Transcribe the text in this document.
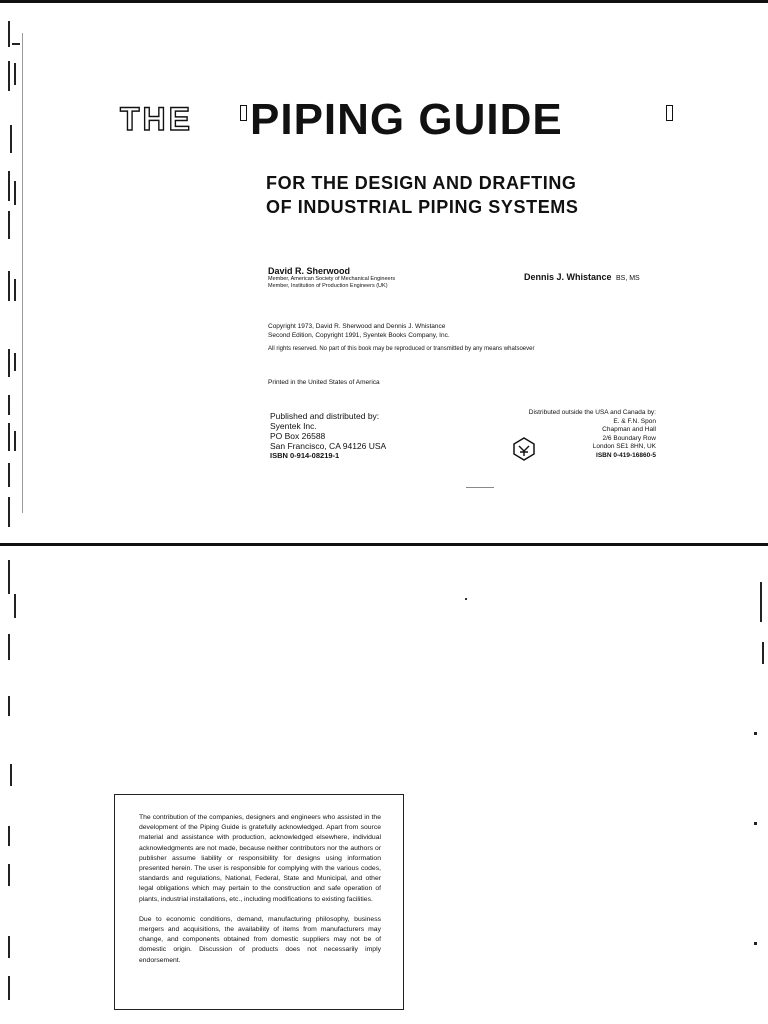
THE PIPING GUIDE
FOR THE DESIGN AND DRAFTING
OF INDUSTRIAL PIPING SYSTEMS
David R. Sherwood
Member, American Society of Mechanical Engineers
Member, Institution of Production Engineers (UK)
Dennis J. Whistance BS, MS
Copyright 1973, David R. Sherwood and Dennis J. Whistance
Second Edition, Copyright 1991, Syentek Books Company, Inc.
All rights reserved. No part of this book may be reproduced or transmitted by any means whatsoever
Printed in the United States of America
Published and distributed by:
Syentek Inc.
PO Box 26588
San Francisco, CA 94126 USA
ISBN 0-914-08219-1
Distributed outside the USA and Canada by:
E. & F.N. Spon
Chapman and Hall
2/6 Boundary Row
London SE1 8HN, UK
ISBN 0-419-16860-5

The contribution of the companies, designers and engineers who assisted in the development of the Piping Guide is gratefully acknowledged. Apart from source material and assistance with production, acknowledged elsewhere, individual acknowledgments are not made, because neither contributors nor the authors or publisher assume liability or responsibility for designs using information presented herein. The user is responsible for complying with the various codes, standards and regulations, National, Federal, State and Municipal, and other legal obligations which may pertain to the construction and safe operation of plants, industrial installations, etc., including modifications to existing facilities.

Due to economic conditions, demand, manufacturing philosophy, business mergers and acquisitions, the availability of items from manufacturers may change, and components obtained from domestic suppliers may not be of domestic origin. Discussion of products does not necessarily imply endorsement.
